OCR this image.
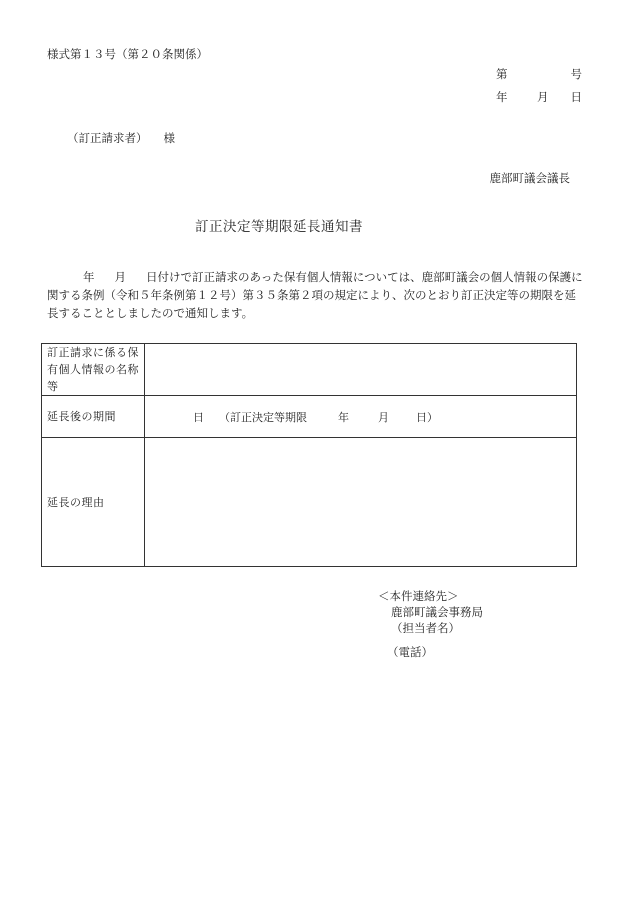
様式第１３号（第２０条関係）
第	号
年	月 日
（訂正請求者） 様
鹿部町議会議長
訂正決定等期限延長通知書
年 月 日付けで訂正請求のあった保有個人情報については、鹿部町議会の個人情報の保護に関する条例（令和５年条例第１２号）第３５条第２項の規定により、次のとおり訂正決定等の期限を延長することとしましたので通知します。
訂正請求に係る保有個人情報の名称等	
延長後の期間	日 （訂正決定等期限 年 月 日）
延長の理由	
＜本件連絡先＞
鹿部町議会事務局
（担当者名）
（電話）
